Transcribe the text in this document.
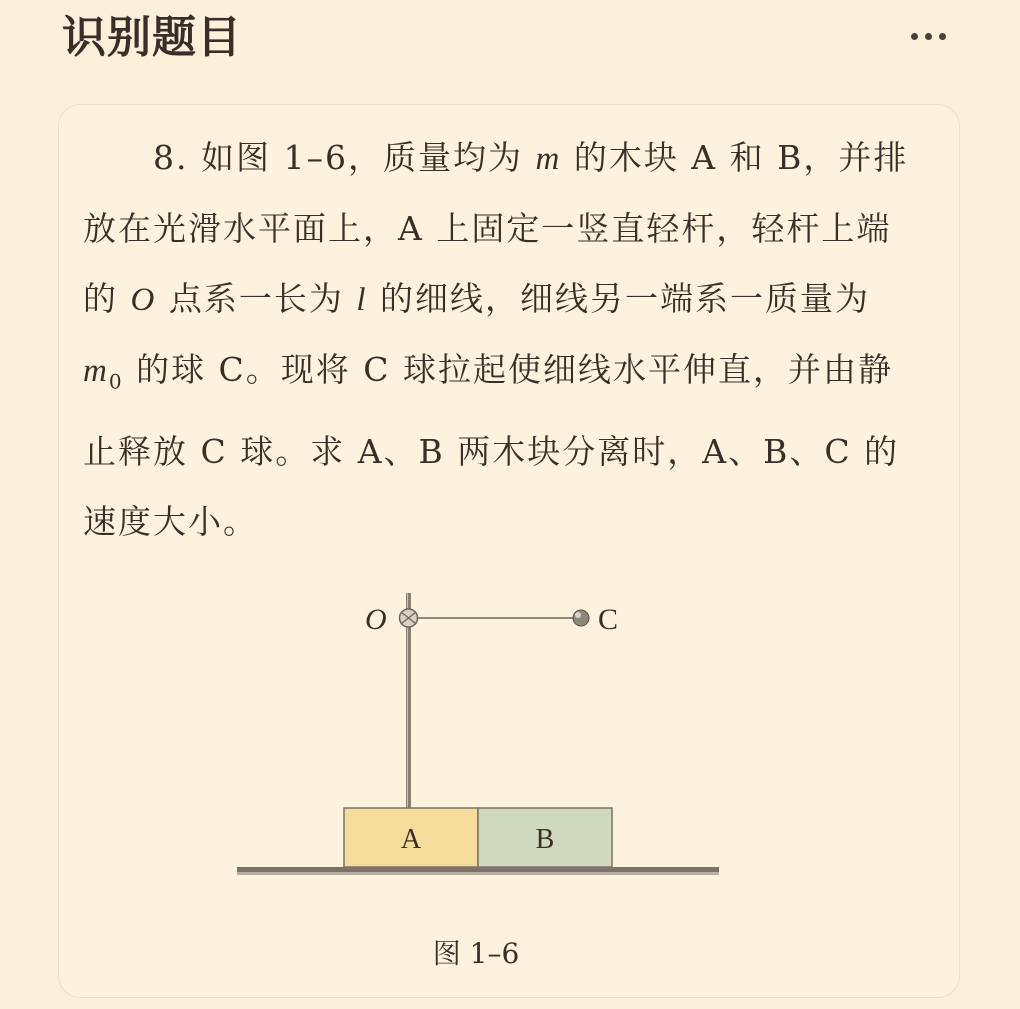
识别题目

8. 如图 1–6，质量均为 m 的木块 A 和 B，并排放在光滑水平面上，A 上固定一竖直轻杆，轻杆上端的 O 点系一长为 l 的细线，细线另一端系一质量为 $m_0$ 的球 C。现将 C 球拉起使细线水平伸直，并由静止释放 C 球。求 A、B 两木块分离时，A、B、C 的速度大小。

O	C
A	B
图 1–6
